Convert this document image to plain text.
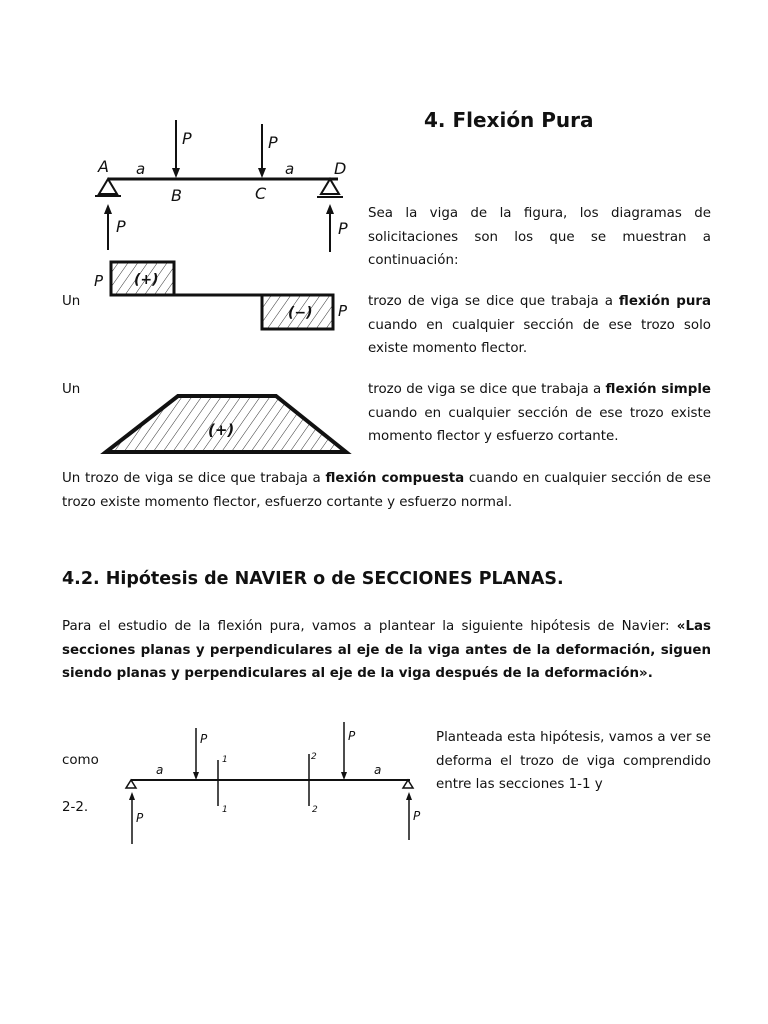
4. Flexión Pura
A a
P
B
P
C
a D
P	P

Sea la viga de la figura, los diagramas de solicitaciones son los que se muestran a continuación:

(+)
(−)
P
P
Un	trozo de viga se dice que trabaja a flexión pura cuando en cualquier sección de ese trozo solo existe momento flector.

(+)
Un	trozo de viga se dice que trabaja a flexión simple cuando en cualquier sección de ese trozo existe momento flector y esfuerzo cortante.

Un trozo de viga se dice que trabaja a flexión compuesta cuando en cualquier sección de ese trozo existe momento flector, esfuerzo cortante y esfuerzo normal.

4.2. Hipótesis de NAVIER o de SECCIONES PLANAS.

Para el estudio de la flexión pura, vamos a plantear la siguiente hipótesis de Navier: «Las secciones planas y perpendiculares al eje de la viga antes de la deformación, siguen siendo planas y perpendiculares al eje de la viga después de la deformación».

P	P
a	a
1
1
2
2
P	P

Planteada esta hipótesis, vamos a ver se deforma el trozo de viga comprendido entre las secciones 1-1 y

como
2-2.
